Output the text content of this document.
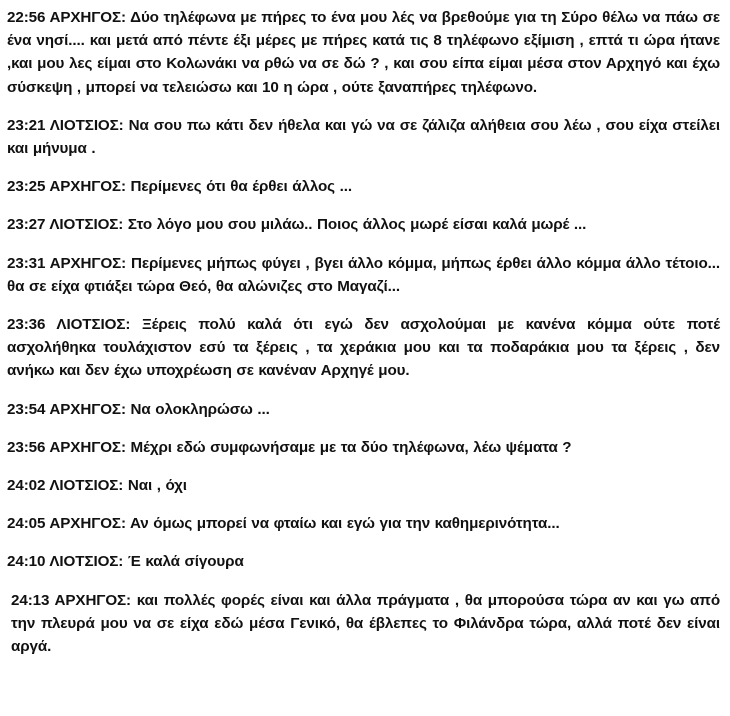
22:56 ΑΡΧΗΓΟΣ: Δύο τηλέφωνα με πήρες το ένα μου λές να βρεθούμε για τη Σύρο θέλω να πάω σε ένα νησί.... και μετά από πέντε έξι μέρες με πήρες κατά τις 8 τηλέφωνο εξίμιση , επτά τι ώρα ήτανε ,και μου λες είμαι στο Κολωνάκι να ρθώ να σε δώ ? , και σου είπα είμαι μέσα στον Αρχηγό και έχω σύσκεψη , μπορεί να τελειώσω και 10 η ώρα , ούτε ξαναπήρες τηλέφωνο.

23:21 ΛΙΟΤΣΙΟΣ: Να σου πω κάτι δεν ήθελα και γώ να σε ζάλιζα αλήθεια σου λέω , σου είχα στείλει και μήνυμα .

23:25 ΑΡΧΗΓΟΣ: Περίμενες ότι θα έρθει άλλος ...

23:27 ΛΙΟΤΣΙΟΣ: Στο λόγο μου σου μιλάω.. Ποιος άλλος μωρέ είσαι καλά μωρέ ...

23:31 ΑΡΧΗΓΟΣ: Περίμενες μήπως φύγει , βγει άλλο κόμμα, μήπως έρθει άλλο κόμμα άλλο τέτοιο... θα σε είχα φτιάξει τώρα Θεό, θα αλώνιζες στο Μαγαζί...

23:36 ΛΙΟΤΣΙΟΣ: Ξέρεις πολύ καλά ότι εγώ δεν ασχολούμαι με κανένα κόμμα ούτε ποτέ ασχολήθηκα τουλάχιστον εσύ τα ξέρεις , τα χεράκια μου και τα ποδαράκια μου τα ξέρεις , δεν ανήκω και δεν έχω υποχρέωση σε κανέναν Αρχηγέ μου.

23:54 ΑΡΧΗΓΟΣ: Να ολοκληρώσω ...

23:56 ΑΡΧΗΓΟΣ: Μέχρι εδώ συμφωνήσαμε με τα δύο τηλέφωνα, λέω ψέματα ?

24:02 ΛΙΟΤΣΙΟΣ: Ναι , όχι

24:05 ΑΡΧΗΓΟΣ: Αν όμως μπορεί να φταίω και εγώ για την καθημερινότητα...

24:10 ΛΙΟΤΣΙΟΣ: Έ καλά σίγουρα

24:13 ΑΡΧΗΓΟΣ: και πολλές φορές είναι και άλλα πράγματα , θα μπορούσα τώρα αν και γω από την πλευρά μου να σε είχα εδώ μέσα Γενικό, θα έβλεπες το Φιλάνδρα τώρα, αλλά ποτέ δεν είναι αργά.
